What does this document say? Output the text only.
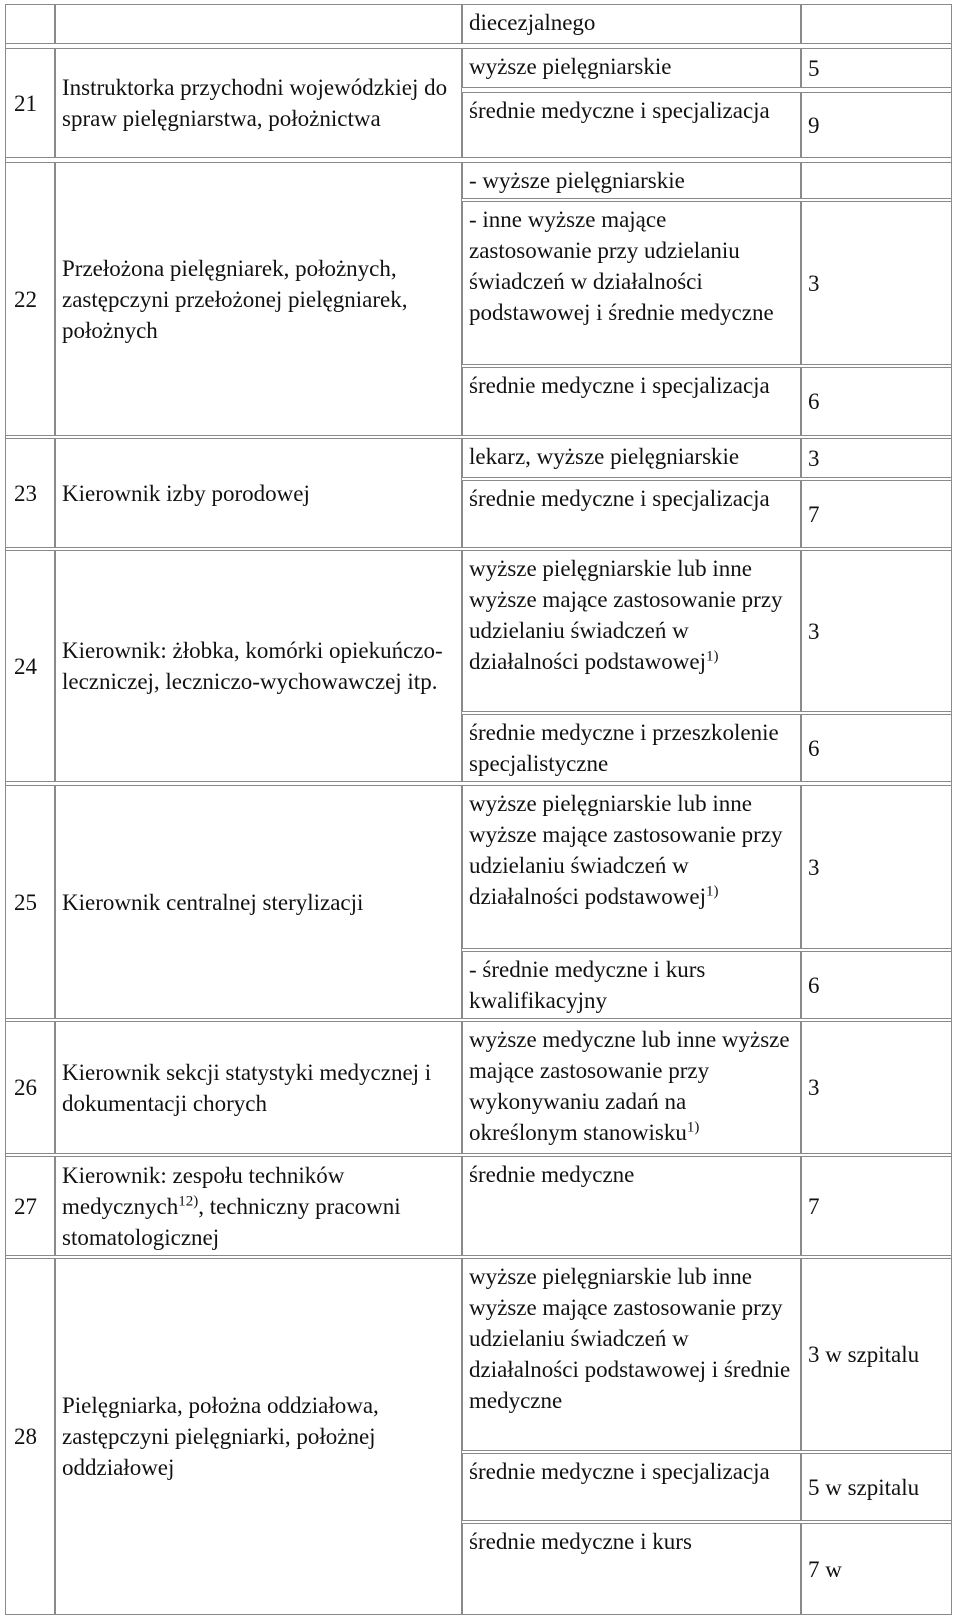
diecezjalnego
21
Instruktorka przychodni wojewódzkiej do spraw pielęgniarstwa, położnictwa
wyższe pielęgniarskie	5
średnie medyczne i specjalizacja
9
22
Przełożona pielęgniarek, położnych, zastępczyni przełożonej pielęgniarek, położnych
- wyższe pielęgniarskie
- inne wyższe mające zastosowanie przy udzielaniu świadczeń w działalności podstawowej i średnie medyczne
3
średnie medyczne i specjalizacja
6
23 Kierownik izby porodowej
lekarz, wyższe pielęgniarskie	3
średnie medyczne i specjalizacja
7
24
Kierownik: żłobka, komórki opiekuńczo-leczniczej, leczniczo-wychowawczej itp.
wyższe pielęgniarskie lub inne wyższe mające zastosowanie przy udzielaniu świadczeń w działalności podstawowej$^{1)}$
3
średnie medyczne i przeszkolenie specjalistyczne
6
25 Kierownik centralnej sterylizacji
wyższe pielęgniarskie lub inne wyższe mające zastosowanie przy udzielaniu świadczeń w działalności podstawowej$^{1)}$
3
- średnie medyczne i kurs kwalifikacyjny
6
26
Kierownik sekcji statystyki medycznej i dokumentacji chorych
wyższe medyczne lub inne wyższe mające zastosowanie przy wykonywaniu zadań na określonym stanowisku$^{1)}$
3
27
Kierownik: zespołu techników medycznych$^{12)}$, techniczny pracowni stomatologicznej
średnie medyczne
7
28
Pielęgniarka, położna oddziałowa, zastępczyni pielęgniarki, położnej oddziałowej
wyższe pielęgniarskie lub inne wyższe mające zastosowanie przy udzielaniu świadczeń w działalności podstawowej i średnie medyczne
3 w szpitalu
średnie medyczne i specjalizacja
5 w szpitalu
średnie medyczne i kurs
7 w
